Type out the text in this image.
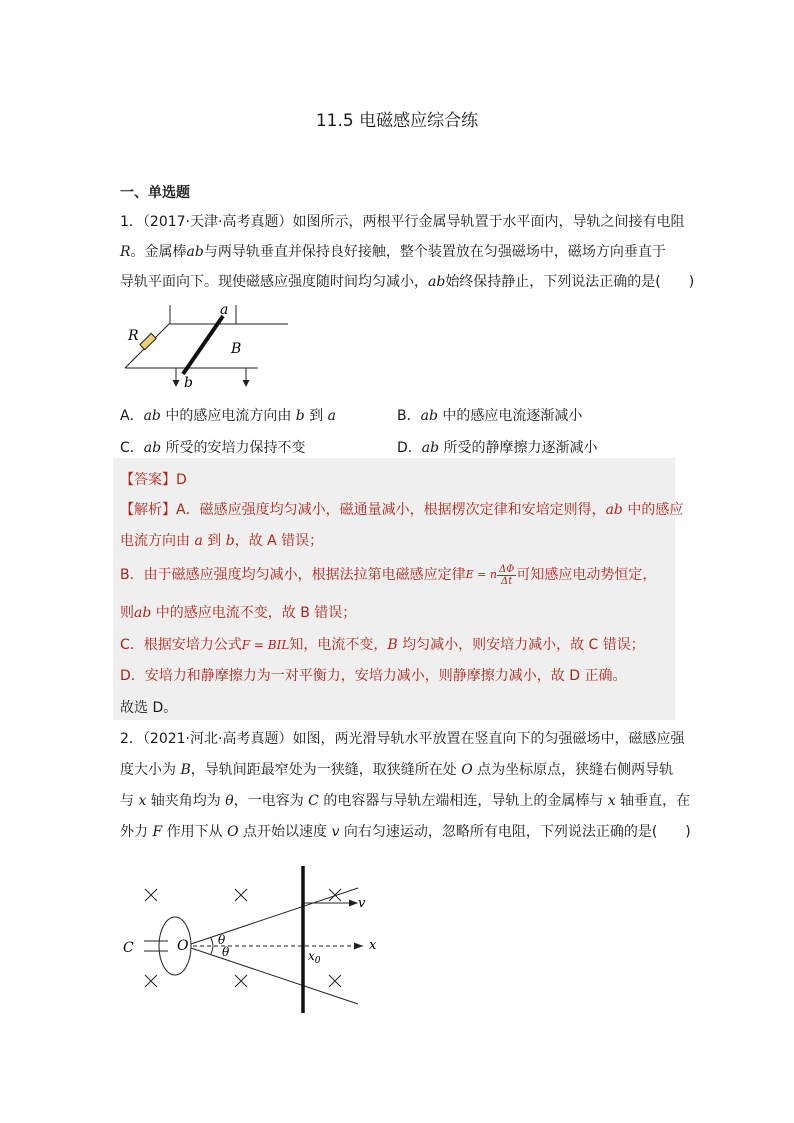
11.5 电磁感应综合练
一、单选题
1．（2017·天津·高考真题）如图所示，两根平行金属导轨置于水平面内，导轨之间接有电阻
R。金属棒ab与两导轨垂直并保持良好接触，整个装置放在匀强磁场中，磁场方向垂直于
导轨平面向下。现使磁感应强度随时间均匀减小，ab始终保持静止，下列说法正确的是(　　)
a
b
R
B
A．ab 中的感应电流方向由 b 到 a	B．ab 中的感应电流逐渐减小
C．ab 所受的安培力保持不变	D．ab 所受的静摩擦力逐渐减小
【答案】D
【解析】A．磁感应强度均匀减小，磁通量减小，根据楞次定律和安培定则得，ab 中的感应
电流方向由 a 到 b，故 A 错误；
B．由于磁感应强度均匀减小，根据法拉第电磁感应定律E = n $\frac{\Delta\Phi}{\Delta t}$ 可知感应电动势恒定，
则ab 中的感应电流不变，故 B 错误；
C．根据安培力公式F = BIL知，电流不变，B 均匀减小，则安培力减小，故 C 错误；
D．安培力和静摩擦力为一对平衡力，安培力减小，则静摩擦力减小，故 D 正确。
故选 D。
2．（2021·河北·高考真题）如图，两光滑导轨水平放置在竖直向下的匀强磁场中，磁感应强
度大小为 B，导轨间距最窄处为一狭缝，取狭缝所在处 O 点为坐标原点，狭缝右侧两导轨
与 x 轴夹角均为 θ，一电容为 C 的电容器与导轨左端相连，导轨上的金属棒与 x 轴垂直，在
外力 F 作用下从 O 点开始以速度 v 向右匀速运动，忽略所有电阻，下列说法正确的是(　　)
C	O θ
θ
v
x
$x_0$
